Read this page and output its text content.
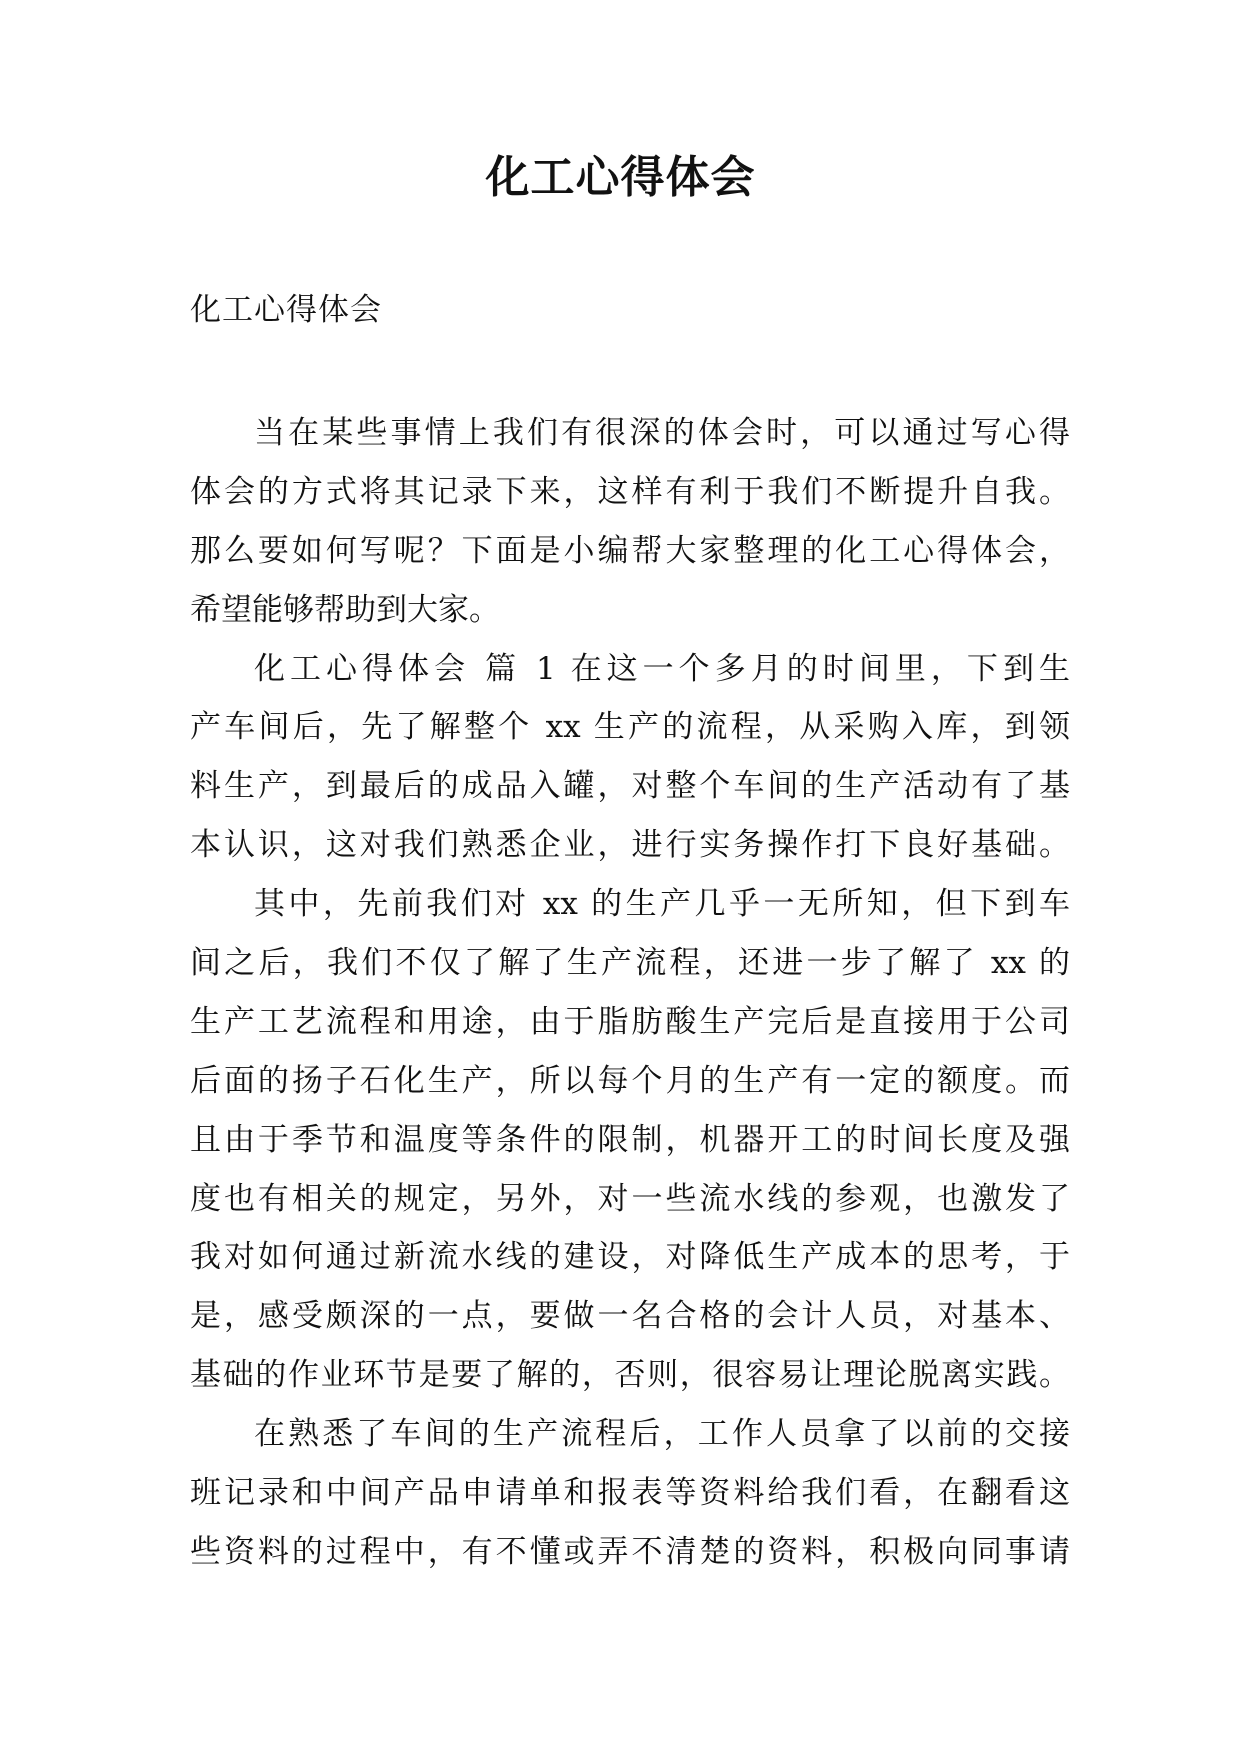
化工心得体会
化工心得体会
当在某些事情上我们有很深的体会时，可以通过写心得
体会的方式将其记录下来，这样有利于我们不断提升自我。
那么要如何写呢？下面是小编帮大家整理的化工心得体会，
希望能够帮助到大家。
化工心得体会 篇 1 在这一个多月的时间里，下到生
产车间后，先了解整个 xx 生产的流程，从采购入库，到领
料生产，到最后的成品入罐，对整个车间的生产活动有了基
本认识，这对我们熟悉企业，进行实务操作打下良好基础。
其中，先前我们对 xx 的生产几乎一无所知，但下到车
间之后，我们不仅了解了生产流程，还进一步了解了 xx 的
生产工艺流程和用途，由于脂肪酸生产完后是直接用于公司
后面的扬子石化生产，所以每个月的生产有一定的额度。而
且由于季节和温度等条件的限制，机器开工的时间长度及强
度也有相关的规定，另外，对一些流水线的参观，也激发了
我对如何通过新流水线的建设，对降低生产成本的思考，于
是，感受颇深的一点，要做一名合格的会计人员，对基本、
基础的作业环节是要了解的，否则，很容易让理论脱离实践。
在熟悉了车间的生产流程后，工作人员拿了以前的交接
班记录和中间产品申请单和报表等资料给我们看，在翻看这
些资料的过程中，有不懂或弄不清楚的资料，积极向同事请
